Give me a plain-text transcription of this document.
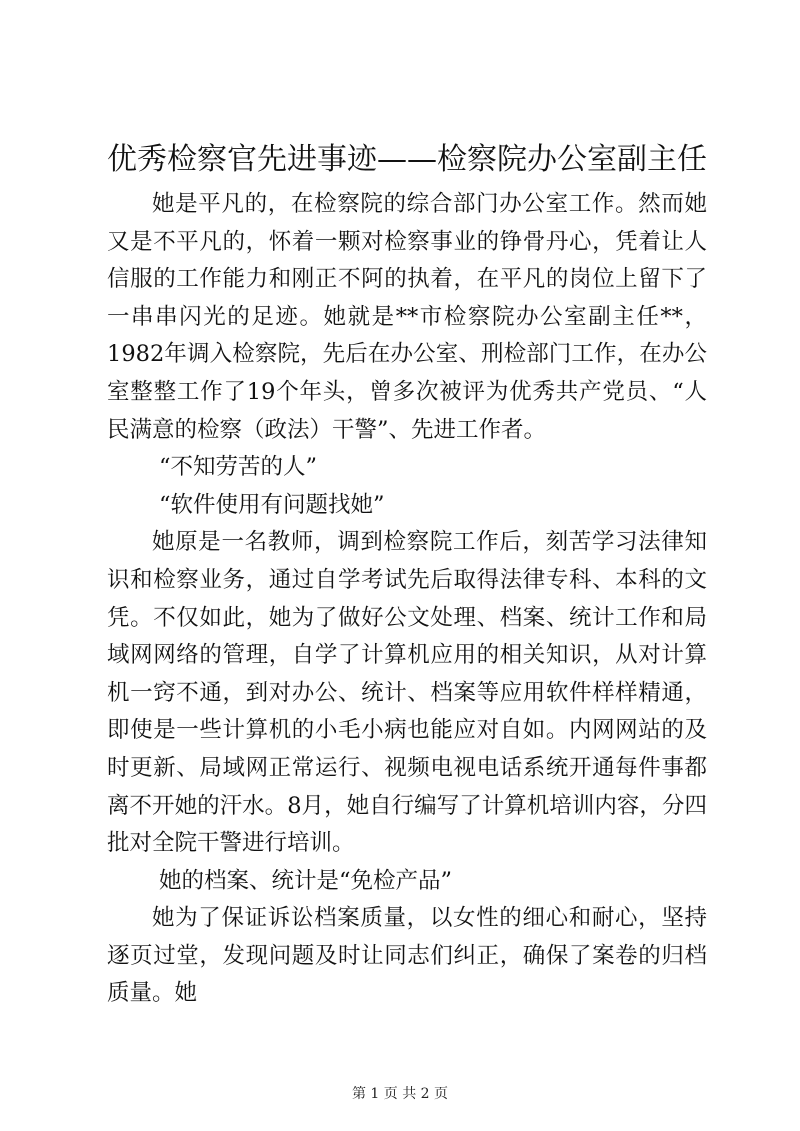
优秀检察官先进事迹——检察院办公室副主任

她是平凡的，在检察院的综合部门办公室工作。然而她又是不平凡的，怀着一颗对检察事业的铮骨丹心，凭着让人信服的工作能力和刚正不阿的执着，在平凡的岗位上留下了一串串闪光的足迹。她就是**市检察院办公室副主任**，1982年调入检察院，先后在办公室、刑检部门工作，在办公室整整工作了19个年头，曾多次被评为优秀共产党员、“人民满意的检察（政法）干警”、先进工作者。

“不知劳苦的人”

“软件使用有问题找她”

她原是一名教师，调到检察院工作后，刻苦学习法律知识和检察业务，通过自学考试先后取得法律专科、本科的文凭。不仅如此，她为了做好公文处理、档案、统计工作和局域网网络的管理，自学了计算机应用的相关知识，从对计算机一窍不通，到对办公、统计、档案等应用软件样样精通，即使是一些计算机的小毛小病也能应对自如。内网网站的及时更新、局域网正常运行、视频电视电话系统开通每件事都离不开她的汗水。8月，她自行编写了计算机培训内容，分四批对全院干警进行培训。

她的档案、统计是“免检产品”

她为了保证诉讼档案质量，以女性的细心和耐心，坚持逐页过堂，发现问题及时让同志们纠正，确保了案卷的归档质量。她

第 1 页 共 2 页
